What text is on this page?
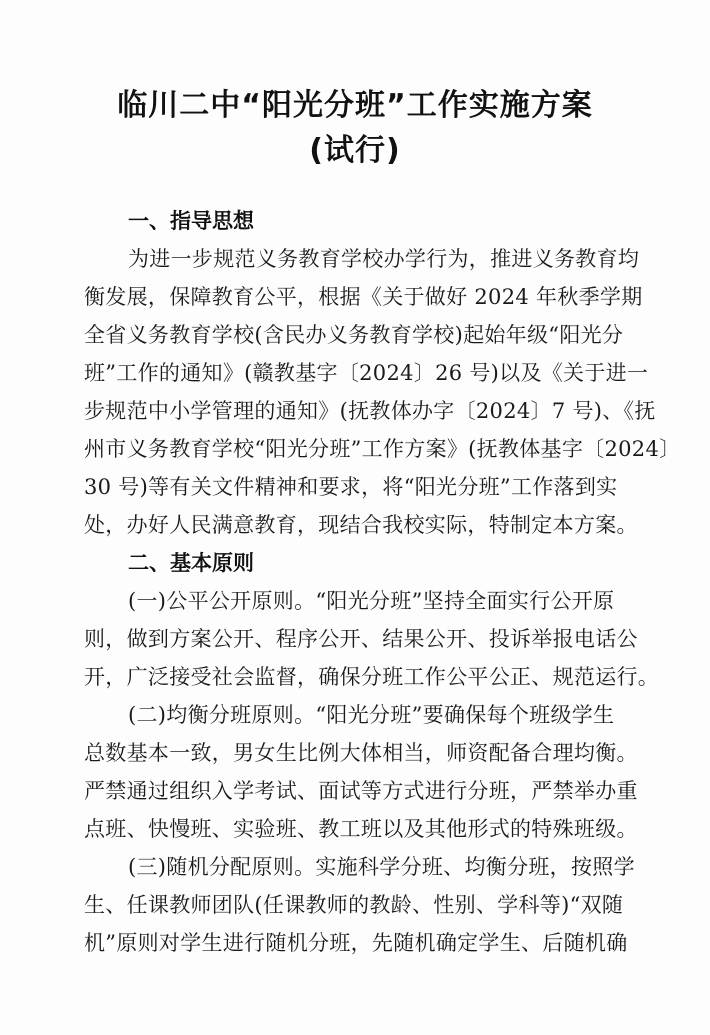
临川二中“阳光分班”工作实施方案
(试行)
一、指导思想
为进一步规范义务教育学校办学行为，推进义务教育均
衡发展，保障教育公平，根据《关于做好 2024 年秋季学期
全省义务教育学校(含民办义务教育学校)起始年级“阳光分
班”工作的通知》(赣教基字〔2024〕26 号)以及《关于进一
步规范中小学管理的通知》(抚教体办字〔2024〕7 号)、《抚
州市义务教育学校“阳光分班”工作方案》(抚教体基字〔2024〕
30 号)等有关文件精神和要求，将“阳光分班”工作落到实
处，办好人民满意教育，现结合我校实际，特制定本方案。
二、基本原则
(一)公平公开原则。“阳光分班”坚持全面实行公开原
则，做到方案公开、程序公开、结果公开、投诉举报电话公
开，广泛接受社会监督，确保分班工作公平公正、规范运行。
(二)均衡分班原则。“阳光分班”要确保每个班级学生
总数基本一致，男女生比例大体相当，师资配备合理均衡。
严禁通过组织入学考试、面试等方式进行分班，严禁举办重
点班、快慢班、实验班、教工班以及其他形式的特殊班级。
(三)随机分配原则。实施科学分班、均衡分班，按照学
生、任课教师团队(任课教师的教龄、性别、学科等)“双随
机”原则对学生进行随机分班，先随机确定学生、后随机确
